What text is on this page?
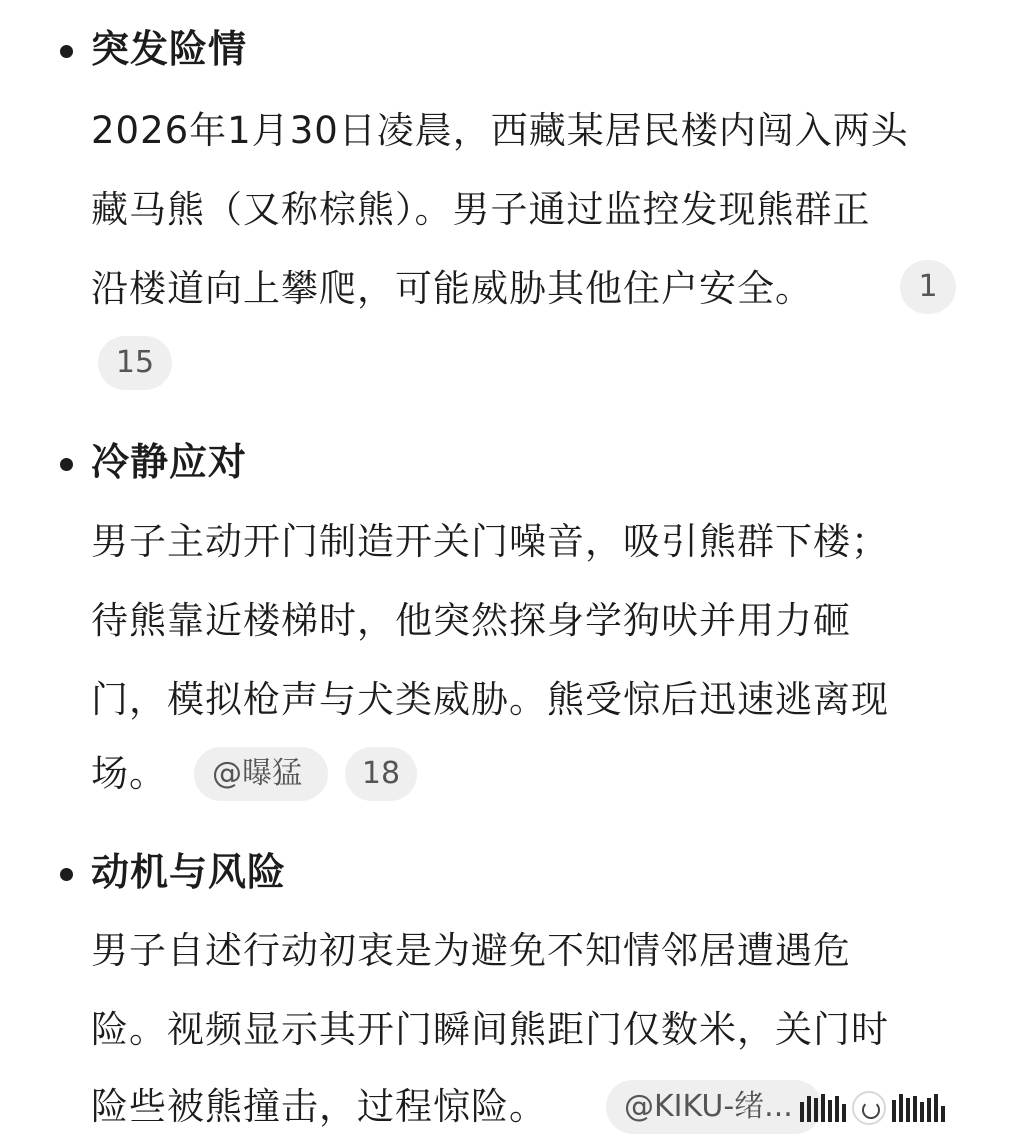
突发险情
2026年1月30日凌晨，西藏某居民楼内闯入两头
藏马熊（又称棕熊）。男子通过监控发现熊群正
沿楼道向上攀爬，可能威胁其他住户安全。	1
15
冷静应对
男子主动开门制造开关门噪音，吸引熊群下楼；
待熊靠近楼梯时，他突然探身学狗吠并用力砸
门，模拟枪声与犬类威胁。熊受惊后迅速逃离现
场。	@曝猛	18
动机与风险
男子自述行动初衷是为避免不知情邻居遭遇危
险。视频显示其开门瞬间熊距门仅数米，关门时
险些被熊撞击，过程惊险。	@KIKU-绪...
